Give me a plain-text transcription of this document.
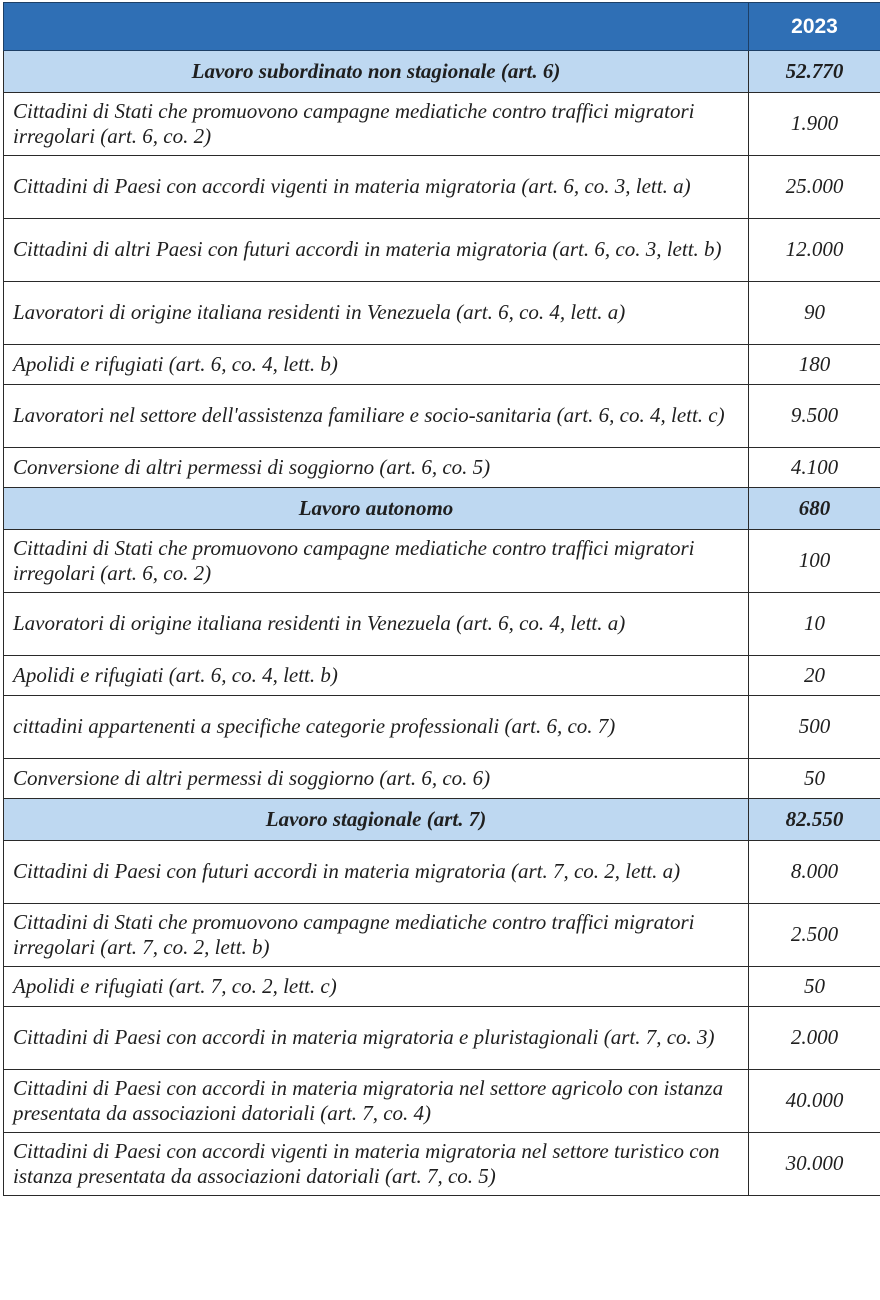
	2023
Lavoro subordinato non stagionale (art. 6)	52.770
Cittadini di Stati che promuovono campagne mediatiche contro traffici migratori irregolari (art. 6, co. 2)	1.900
Cittadini di Paesi con accordi vigenti in materia migratoria (art. 6, co. 3, lett. a)	25.000
Cittadini di altri Paesi con futuri accordi in materia migratoria (art. 6, co. 3, lett. b)	12.000
Lavoratori di origine italiana residenti in Venezuela (art. 6, co. 4, lett. a)	90
Apolidi e rifugiati (art. 6, co. 4, lett. b)	180
Lavoratori nel settore dell'assistenza familiare e socio-sanitaria (art. 6, co. 4, lett. c)	9.500
Conversione di altri permessi di soggiorno (art. 6, co. 5)	4.100
Lavoro autonomo	680
Cittadini di Stati che promuovono campagne mediatiche contro traffici migratori irregolari (art. 6, co. 2)	100
Lavoratori di origine italiana residenti in Venezuela (art. 6, co. 4, lett. a)	10
Apolidi e rifugiati (art. 6, co. 4, lett. b)	20
cittadini appartenenti a specifiche categorie professionali (art. 6, co. 7)	500
Conversione di altri permessi di soggiorno (art. 6, co. 6)	50
Lavoro stagionale (art. 7)	82.550
Cittadini di Paesi con futuri accordi in materia migratoria (art. 7, co. 2, lett. a)	8.000
Cittadini di Stati che promuovono campagne mediatiche contro traffici migratori irregolari (art. 7, co. 2, lett. b)	2.500
Apolidi e rifugiati (art. 7, co. 2, lett. c)	50
Cittadini di Paesi con accordi in materia migratoria e pluristagionali (art. 7, co. 3)	2.000
Cittadini di Paesi con accordi in materia migratoria nel settore agricolo con istanza presentata da associazioni datoriali (art. 7, co. 4)	40.000
Cittadini di Paesi con accordi vigenti in materia migratoria nel settore turistico con istanza presentata da associazioni datoriali (art. 7, co. 5)	30.000
